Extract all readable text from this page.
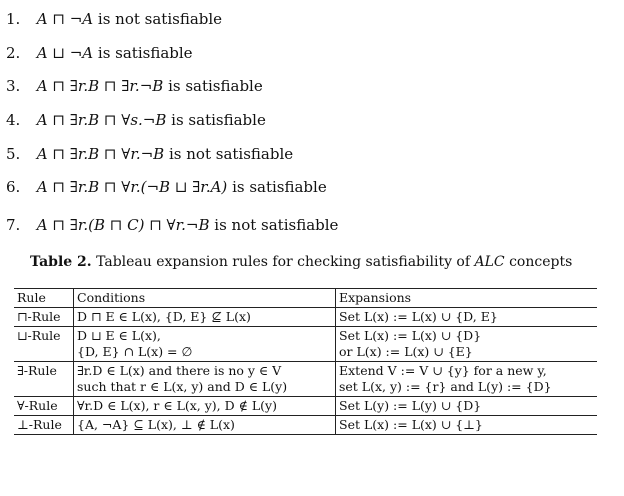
1. A ⊓ ¬A is not satisfiable
2. A ⊔ ¬A is satisfiable
3. A ⊓ ∃r.B ⊓ ∃r.¬B is satisfiable
4. A ⊓ ∃r.B ⊓ ∀s.¬B is satisfiable
5. A ⊓ ∃r.B ⊓ ∀r.¬B is not satisfiable
6. A ⊓ ∃r.B ⊓ ∀r.(¬B ⊔ ∃r.A) is satisfiable
7. A ⊓ ∃r.(B ⊓ C) ⊓ ∀r.¬B is not satisfiable
Table 2. Tableau expansion rules for checking satisfiability of ALC concepts
Rule	Conditions	Expansions
⊓-Rule	D ⊓ E ∈ L(x), {D, E} ⊈ L(x)	Set L(x) := L(x) ∪ {D, E}

⊔-Rule	D ⊔ E ∈ L(x),
{D, E} ∩ L(x) = ∅	Set L(x) := L(x) ∪ {D}
or L(x) := L(x) ∪ {E}

∃-Rule	∃r.D ∈ L(x) and there is no y ∈ V
such that r ∈ L(x, y) and D ∈ L(y)	Extend V := V ∪ {y} for a new y,
set L(x, y) := {r} and L(y) := {D}

∀-Rule	∀r.D ∈ L(x), r ∈ L(x, y), D ∉ L(y)	Set L(y) := L(y) ∪ {D}

⊥-Rule	{A, ¬A} ⊆ L(x), ⊥ ∉ L(x)	Set L(x) := L(x) ∪ {⊥}
